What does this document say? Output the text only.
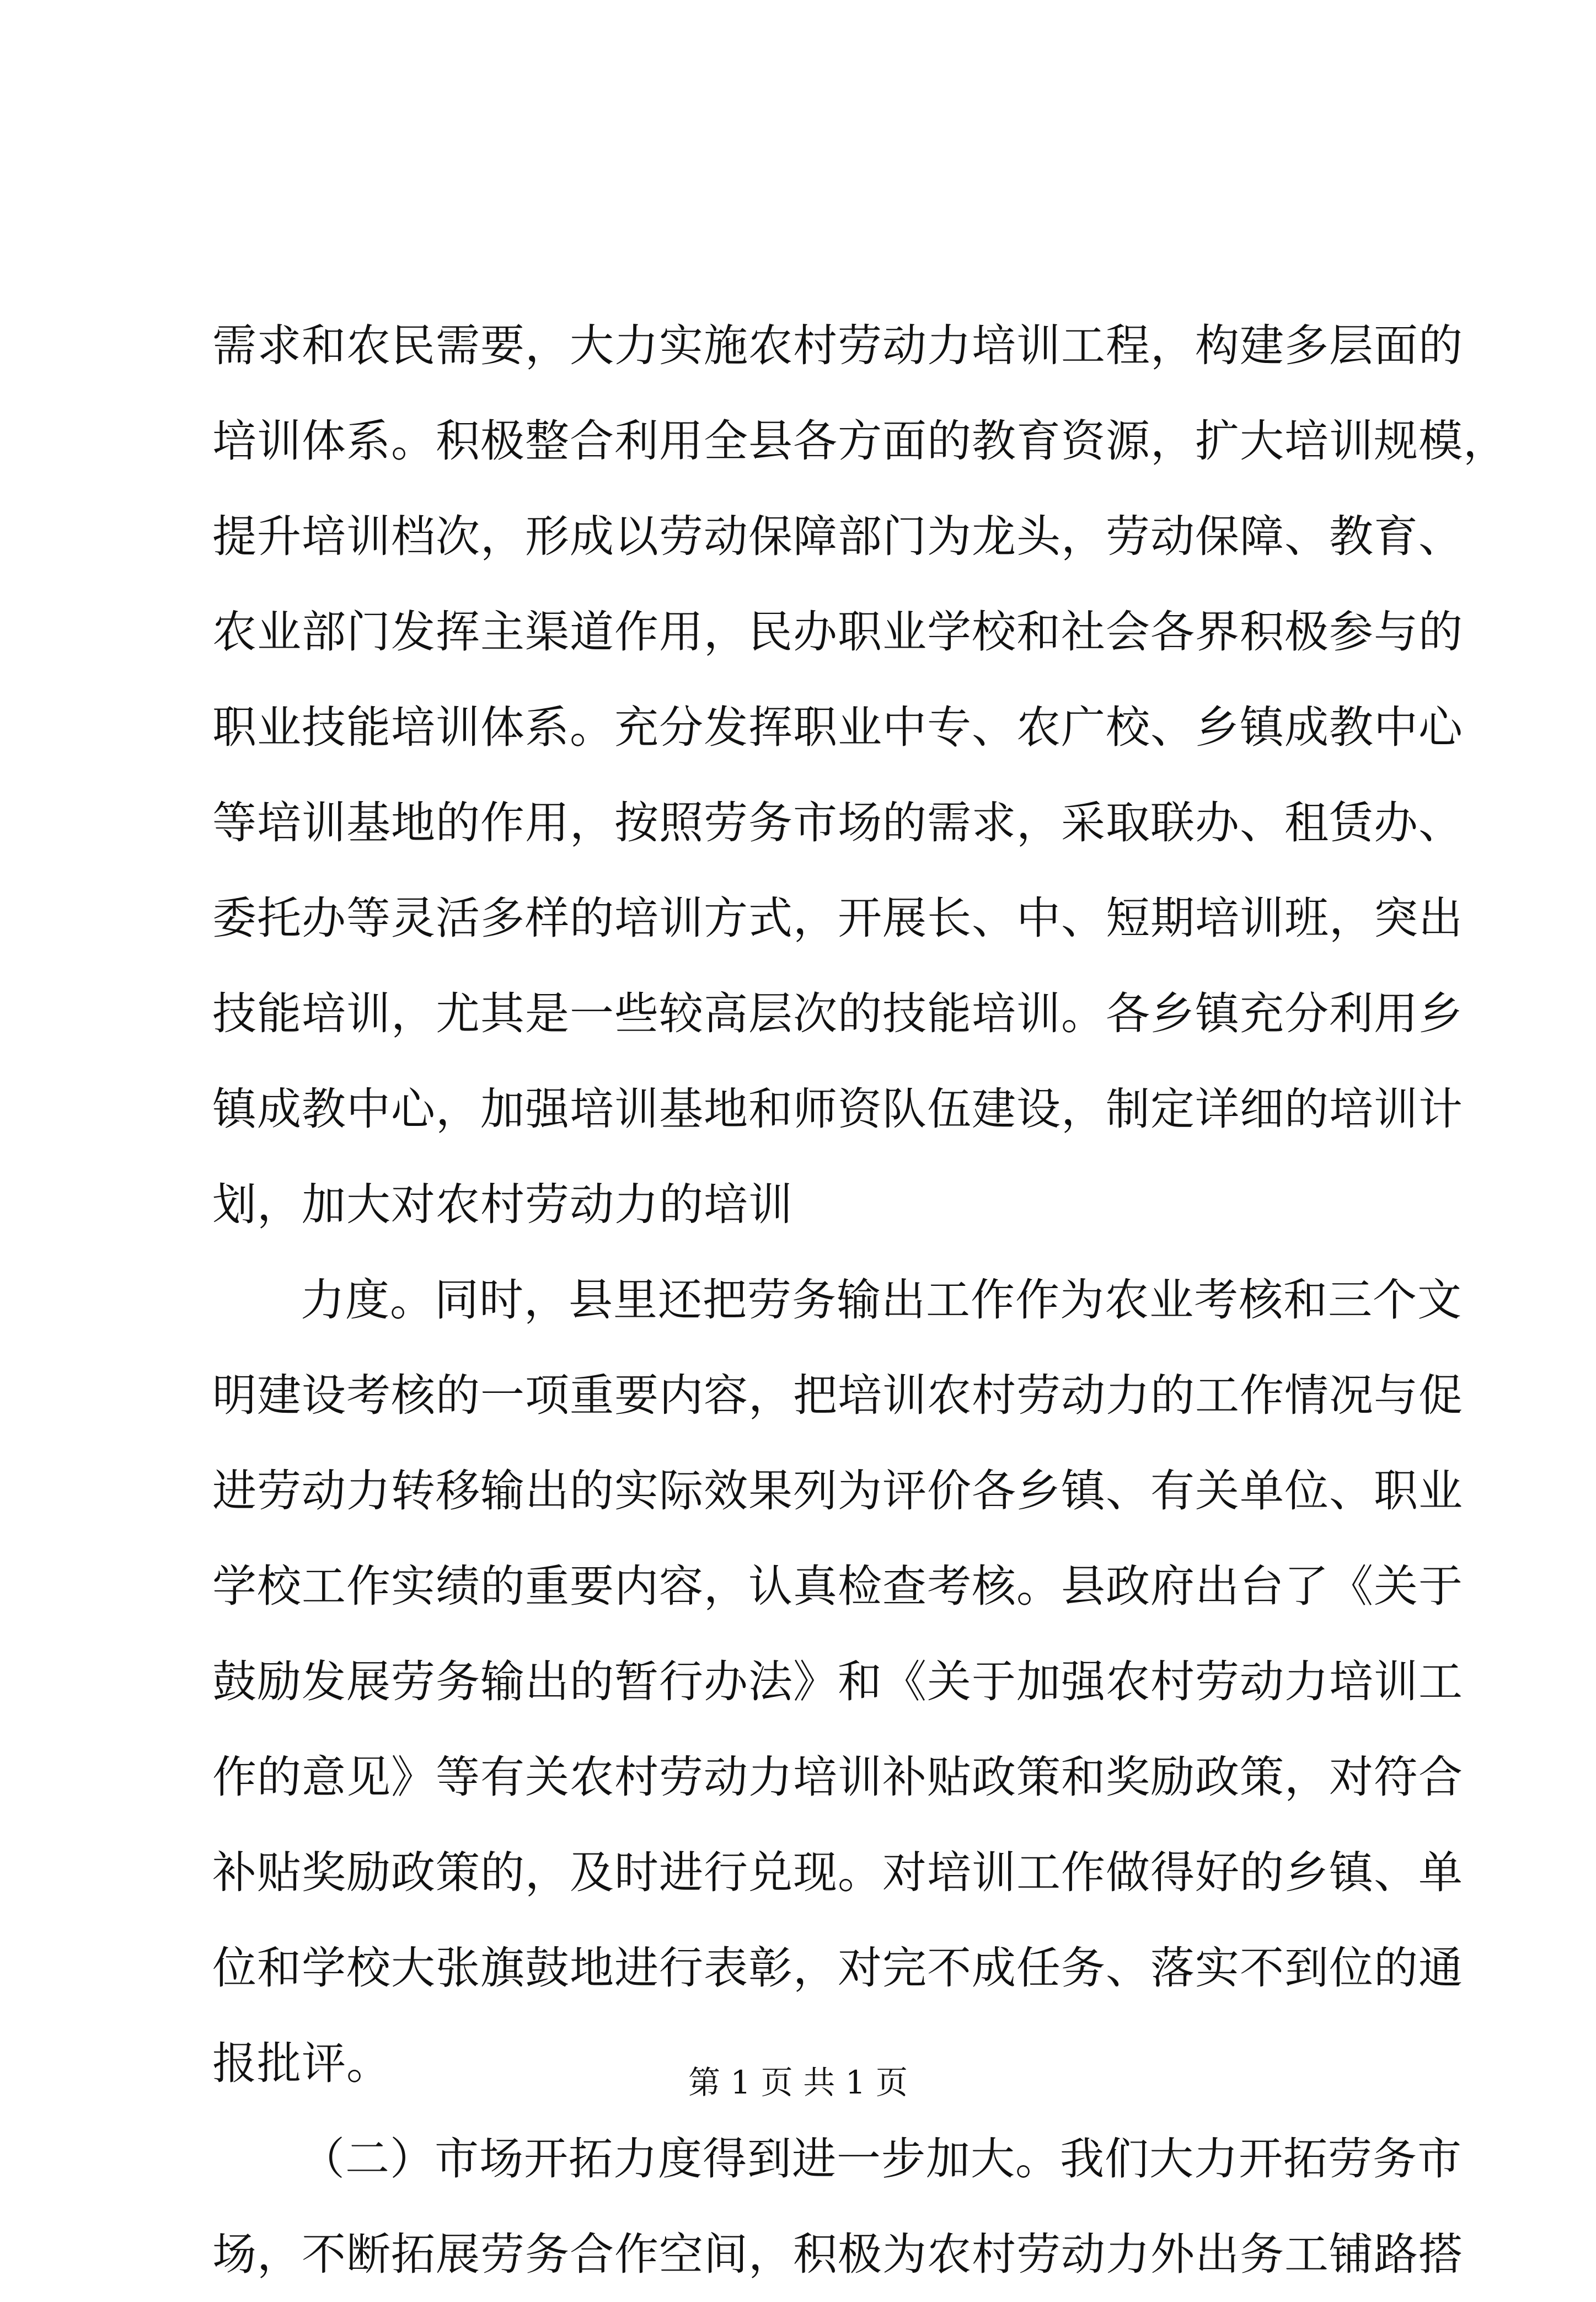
需求和农民需要，大力实施农村劳动力培训工程，构建多层面的
培训体系。积极整合利用全县各方面的教育资源，扩大培训规模，
提升培训档次，形成以劳动保障部门为龙头，劳动保障、教育、
农业部门发挥主渠道作用，民办职业学校和社会各界积极参与的
职业技能培训体系。充分发挥职业中专、农广校、乡镇成教中心
等培训基地的作用，按照劳务市场的需求，采取联办、租赁办、
委托办等灵活多样的培训方式，开展长、中、短期培训班，突出
技能培训，尤其是一些较高层次的技能培训。各乡镇充分利用乡
镇成教中心，加强培训基地和师资队伍建设，制定详细的培训计
划，加大对农村劳动力的培训
力度。同时，县里还把劳务输出工作作为农业考核和三个文
明建设考核的一项重要内容，把培训农村劳动力的工作情况与促
进劳动力转移输出的实际效果列为评价各乡镇、有关单位、职业
学校工作实绩的重要内容，认真检查考核。县政府出台了《关于
鼓励发展劳务输出的暂行办法》和《关于加强农村劳动力培训工
作的意见》等有关农村劳动力培训补贴政策和奖励政策，对符合
补贴奖励政策的，及时进行兑现。对培训工作做得好的乡镇、单
位和学校大张旗鼓地进行表彰，对完不成任务、落实不到位的通
报批评。
（二）市场开拓力度得到进一步加大。我们大力开拓劳务市
场，不断拓展劳务合作空间，积极为农村劳动力外出务工铺路搭
第 1 页 共 1 页
